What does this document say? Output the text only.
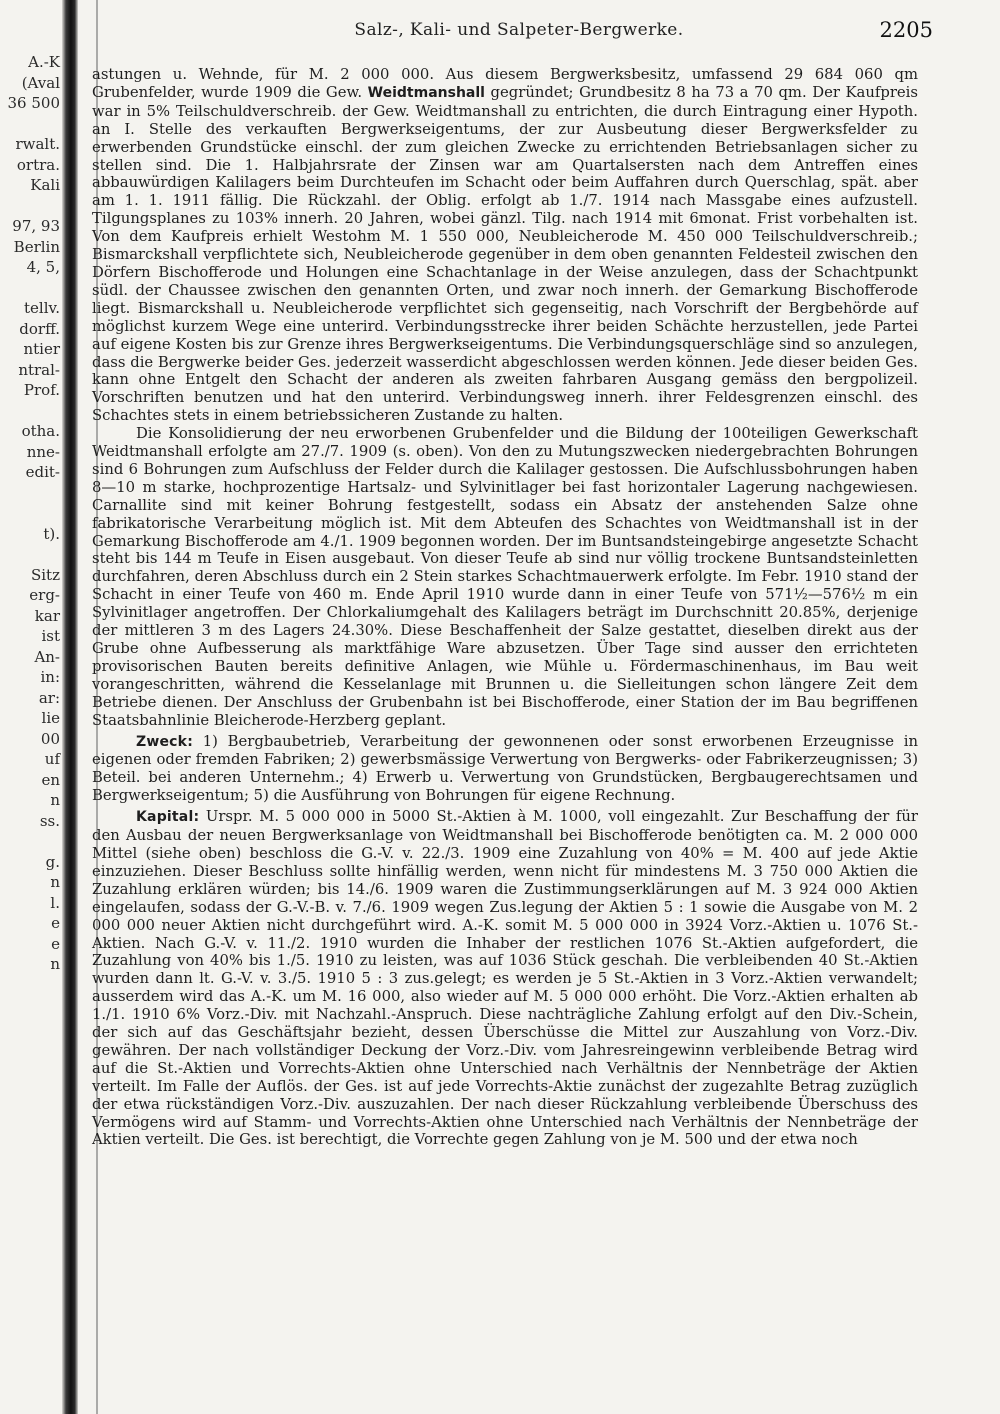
A.-K
(Aval
36 500
rwalt.
ortra.
Kali
97, 93
Berlin
4, 5,
tellv.
dorff.
ntier
ntral-
Prof.
otha.
nne-
edit-
t).
Sitz
erg-
kar
ist
An-
in:
ar:
lie
00
uf
en
n
ss.
g.
n
l.
e
e
n
Salz-, Kali- und Salpeter-Bergwerke.	2205

astungen u. Wehnde, für M. 2 000 000. Aus diesem Bergwerksbesitz, umfassend 29 684 060 qm Grubenfelder, wurde 1909 die Gew. Weidtmanshall gegründet; Grundbesitz 8 ha 73 a 70 qm. Der Kaufpreis war in 5% Teilschuldverschreib. der Gew. Weidtmanshall zu entrichten, die durch Eintragung einer Hypoth. an I. Stelle des verkauften Bergwerkseigentums, der zur Ausbeutung dieser Bergwerksfelder zu erwerbenden Grundstücke einschl. der zum gleichen Zwecke zu errichtenden Betriebsanlagen sicher zu stellen sind. Die 1. Halbjahrsrate der Zinsen war am Quartalsersten nach dem Antreffen eines abbauwürdigen Kalilagers beim Durchteufen im Schacht oder beim Auffahren durch Querschlag, spät. aber am 1. 1. 1911 fällig. Die Rückzahl. der Oblig. erfolgt ab 1./7. 1914 nach Massgabe eines aufzustell. Tilgungsplanes zu 103% innerh. 20 Jahren, wobei gänzl. Tilg. nach 1914 mit 6monat. Frist vorbehalten ist. Von dem Kaufpreis erhielt Westohm M. 1 550 000, Neubleicherode M. 450 000 Teilschuldverschreib.; Bismarckshall verpflichtete sich, Neubleicherode gegenüber in dem oben genannten Feldesteil zwischen den Dörfern Bischofferode und Holungen eine Schachtanlage in der Weise anzulegen, dass der Schachtpunkt südl. der Chaussee zwischen den genannten Orten, und zwar noch innerh. der Gemarkung Bischofferode liegt. Bismarckshall u. Neubleicherode verpflichtet sich gegenseitig, nach Vorschrift der Bergbehörde auf möglichst kurzem Wege eine unterird. Verbindungsstrecke ihrer beiden Schächte herzustellen, jede Partei auf eigene Kosten bis zur Grenze ihres Bergwerkseigentums. Die Verbindungsquerschläge sind so anzulegen, dass die Bergwerke beider Ges. jederzeit wasserdicht abgeschlossen werden können. Jede dieser beiden Ges. kann ohne Entgelt den Schacht der anderen als zweiten fahrbaren Ausgang gemäss den bergpolizeil. Vorschriften benutzen und hat den unterird. Verbindungsweg innerh. ihrer Feldesgrenzen einschl. des Schachtes stets in einem betriebssicheren Zustande zu halten.

Die Konsolidierung der neu erworbenen Grubenfelder und die Bildung der 100teiligen Gewerkschaft Weidtmanshall erfolgte am 27./7. 1909 (s. oben). Von den zu Mutungszwecken niedergebrachten Bohrungen sind 6 Bohrungen zum Aufschluss der Felder durch die Kalilager gestossen. Die Aufschlussbohrungen haben 8—10 m starke, hochprozentige Hartsalz- und Sylvinitlager bei fast horizontaler Lagerung nachgewiesen. Carnallite sind mit keiner Bohrung festgestellt, sodass ein Absatz der anstehenden Salze ohne fabrikatorische Verarbeitung möglich ist. Mit dem Abteufen des Schachtes von Weidtmanshall ist in der Gemarkung Bischofferode am 4./1. 1909 begonnen worden. Der im Buntsandsteingebirge angesetzte Schacht steht bis 144 m Teufe in Eisen ausgebaut. Von dieser Teufe ab sind nur völlig trockene Buntsandsteinletten durchfahren, deren Abschluss durch ein 2 Stein starkes Schachtmauerwerk erfolgte. Im Febr. 1910 stand der Schacht in einer Teufe von 460 m. Ende April 1910 wurde dann in einer Teufe von 571½—576½ m ein Sylvinitlager angetroffen. Der Chlorkaliumgehalt des Kalilagers beträgt im Durchschnitt 20.85%, derjenige der mittleren 3 m des Lagers 24.30%. Diese Beschaffenheit der Salze gestattet, dieselben direkt aus der Grube ohne Aufbesserung als marktfähige Ware abzusetzen. Über Tage sind ausser den errichteten provisorischen Bauten bereits definitive Anlagen, wie Mühle u. Fördermaschinenhaus, im Bau weit vorangeschritten, während die Kesselanlage mit Brunnen u. die Sielleitungen schon längere Zeit dem Betriebe dienen. Der Anschluss der Grubenbahn ist bei Bischofferode, einer Station der im Bau begriffenen Staatsbahnlinie Bleicherode-Herzberg geplant.

Zweck: 1) Bergbaubetrieb, Verarbeitung der gewonnenen oder sonst erworbenen Erzeugnisse in eigenen oder fremden Fabriken; 2) gewerbsmässige Verwertung von Bergwerks- oder Fabrikerzeugnissen; 3) Beteil. bei anderen Unternehm.; 4) Erwerb u. Verwertung von Grundstücken, Bergbaugerechtsamen und Bergwerkseigentum; 5) die Ausführung von Bohrungen für eigene Rechnung.

Kapital: Urspr. M. 5 000 000 in 5000 St.-Aktien à M. 1000, voll eingezahlt. Zur Beschaffung der für den Ausbau der neuen Bergwerksanlage von Weidtmanshall bei Bischofferode benötigten ca. M. 2 000 000 Mittel (siehe oben) beschloss die G.-V. v. 22./3. 1909 eine Zuzahlung von 40% = M. 400 auf jede Aktie einzuziehen. Dieser Beschluss sollte hinfällig werden, wenn nicht für mindestens M. 3 750 000 Aktien die Zuzahlung erklären würden; bis 14./6. 1909 waren die Zustimmungserklärungen auf M. 3 924 000 Aktien eingelaufen, sodass der G.-V.-B. v. 7./6. 1909 wegen Zus.legung der Aktien 5 : 1 sowie die Ausgabe von M. 2 000 000 neuer Aktien nicht durchgeführt wird. A.-K. somit M. 5 000 000 in 3924 Vorz.-Aktien u. 1076 St.-Aktien. Nach G.-V. v. 11./2. 1910 wurden die Inhaber der restlichen 1076 St.-Aktien aufgefordert, die Zuzahlung von 40% bis 1./5. 1910 zu leisten, was auf 1036 Stück geschah. Die verbleibenden 40 St.-Aktien wurden dann lt. G.-V. v. 3./5. 1910 5 : 3 zus.gelegt; es werden je 5 St.-Aktien in 3 Vorz.-Aktien verwandelt; ausserdem wird das A.-K. um M. 16 000, also wieder auf M. 5 000 000 erhöht. Die Vorz.-Aktien erhalten ab 1./1. 1910 6% Vorz.-Div. mit Nachzahl.-Anspruch. Diese nachträgliche Zahlung erfolgt auf den Div.-Schein, der sich auf das Geschäftsjahr bezieht, dessen Überschüsse die Mittel zur Auszahlung von Vorz.-Div. gewähren. Der nach vollständiger Deckung der Vorz.-Div. vom Jahresreingewinn verbleibende Betrag wird auf die St.-Aktien und Vorrechts-Aktien ohne Unterschied nach Verhältnis der Nennbeträge der Aktien verteilt. Im Falle der Auflös. der Ges. ist auf jede Vorrechts-Aktie zunächst der zugezahlte Betrag zuzüglich der etwa rückständigen Vorz.-Div. auszuzahlen. Der nach dieser Rückzahlung verbleibende Überschuss des Vermögens wird auf Stamm- und Vorrechts-Aktien ohne Unterschied nach Verhältnis der Nennbeträge der Aktien verteilt. Die Ges. ist berechtigt, die Vorrechte gegen Zahlung von je M. 500 und der etwa noch
